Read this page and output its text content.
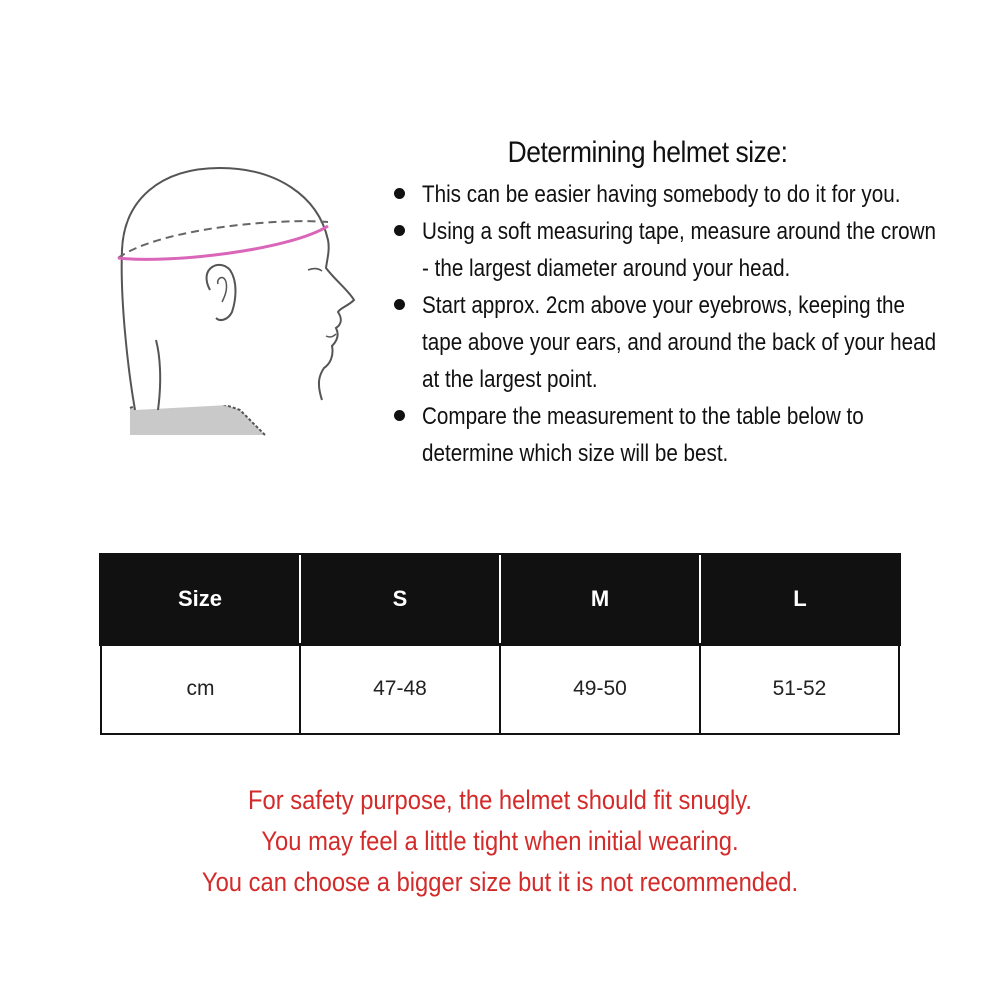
Determining helmet size:
This can be easier having somebody to do it for you.
Using a soft measuring tape, measure around the crown - the largest diameter around your head.
Start approx. 2cm above your eyebrows, keeping the tape above your ears, and around the back of your head at the largest point.
Compare the measurement to the table below to determine which size will be best.
Size	S	M	L
cm	47-48	49-50	51-52
For safety purpose, the helmet should fit snugly.
You may feel a little tight when initial wearing.
You can choose a bigger size but it is not recommended.
